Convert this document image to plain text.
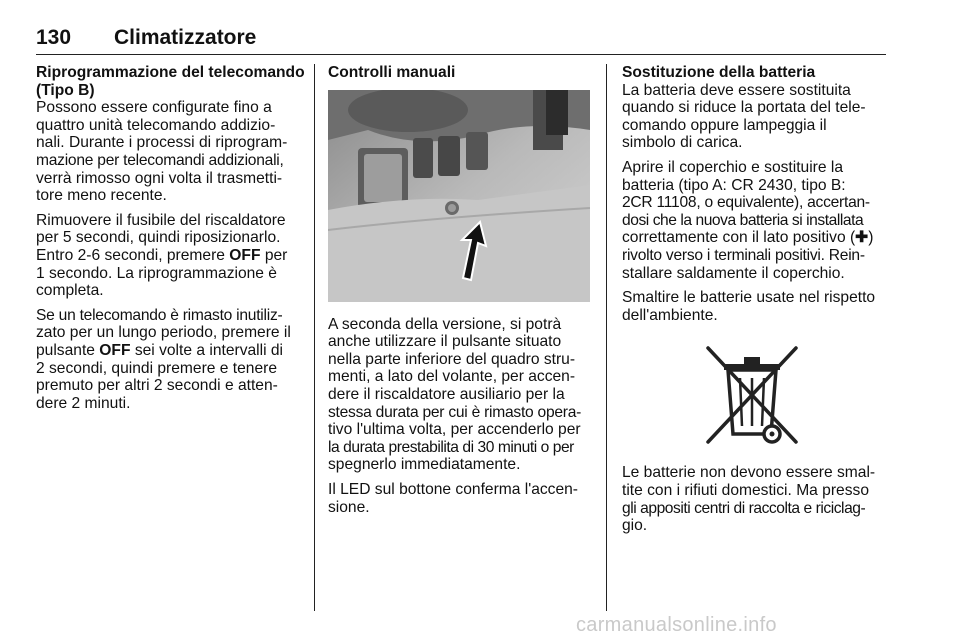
130 Climatizzatore
Riprogrammazione del telecomando
(Tipo B)
Possono essere configurate fino a
quattro unità telecomando addizio-
nali. Durante i processi di riprogram-
mazione per telecomandi addizionali,
verrà rimosso ogni volta il trasmetti-
tore meno recente.
Rimuovere il fusibile del riscaldatore
per 5 secondi, quindi riposizionarlo.
Entro 2-6 secondi, premere OFF per
1 secondo. La riprogrammazione è
completa.
Se un telecomando è rimasto inutiliz-
zato per un lungo periodo, premere il
pulsante OFF sei volte a intervalli di
2 secondi, quindi premere e tenere
premuto per altri 2 secondi e atten-
dere 2 minuti.
Controlli manuali
A seconda della versione, si potrà
anche utilizzare il pulsante situato
nella parte inferiore del quadro stru-
menti, a lato del volante, per accen-
dere il riscaldatore ausiliario per la
stessa durata per cui è rimasto opera-
tivo l'ultima volta, per accenderlo per
la durata prestabilita di 30 minuti o per
spegnerlo immediatamente.
Il LED sul bottone conferma l'accen-
sione.
Sostituzione della batteria
La batteria deve essere sostituita
quando si riduce la portata del tele-
comando oppure lampeggia il
simbolo di carica.
Aprire il coperchio e sostituire la
batteria (tipo A: CR 2430, tipo B:
2CR 11108, o equivalente), accertan-
dosi che la nuova batteria si installata
correttamente con il lato positivo (✚)
rivolto verso i terminali positivi. Rein-
stallare saldamente il coperchio.
Smaltire le batterie usate nel rispetto
dell'ambiente.
Le batterie non devono essere smal-
tite con i rifiuti domestici. Ma presso
gli appositi centri di raccolta e riciclag-
gio.
carmanualsonline.info
